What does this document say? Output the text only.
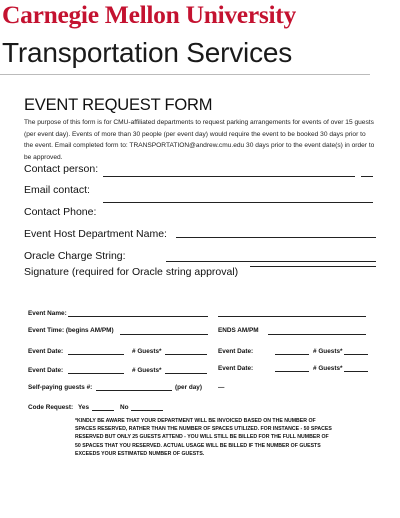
Carnegie Mellon University
Transportation Services
EVENT REQUEST FORM
The purpose of this form is for CMU-affiliated departments to request parking arrangements for events of over 15 guests (per event day). Events of more than 30 people (per event day) would require the event to be booked 30 days prior to the event. Email completed form to: TRANSPORTATION@andrew.cmu.edu 30 days prior to the event date(s) in order to be approved.
Contact person:
Email contact:
Contact Phone:
Event Host Department Name:
Oracle Charge String:
Signature (required for Oracle string approval)
Event Name:
Event Time: (begins AM/PM)	ENDS AM/PM
Event Date:	# Guests*	Event Date:	# Guests*
Event Date:	# Guests*	Event Date:	# Guests*
Self-paying guests #:	(per day)	—
Code Request: Yes	No
*KINDLY BE AWARE THAT YOUR DEPARTMENT WILL BE INVOICED BASED ON THE NUMBER OF SPACES RESERVED, RATHER THAN THE NUMBER OF SPACES UTILIZED. FOR INSTANCE - 50 SPACES RESERVED BUT ONLY 25 GUESTS ATTEND - YOU WILL STILL BE BILLED FOR THE FULL NUMBER OF 50 SPACES THAT YOU RESERVED. ACTUAL USAGE WILL BE BILLED IF THE NUMBER OF GUESTS EXCEEDS YOUR ESTIMATED NUMBER OF GUESTS.
